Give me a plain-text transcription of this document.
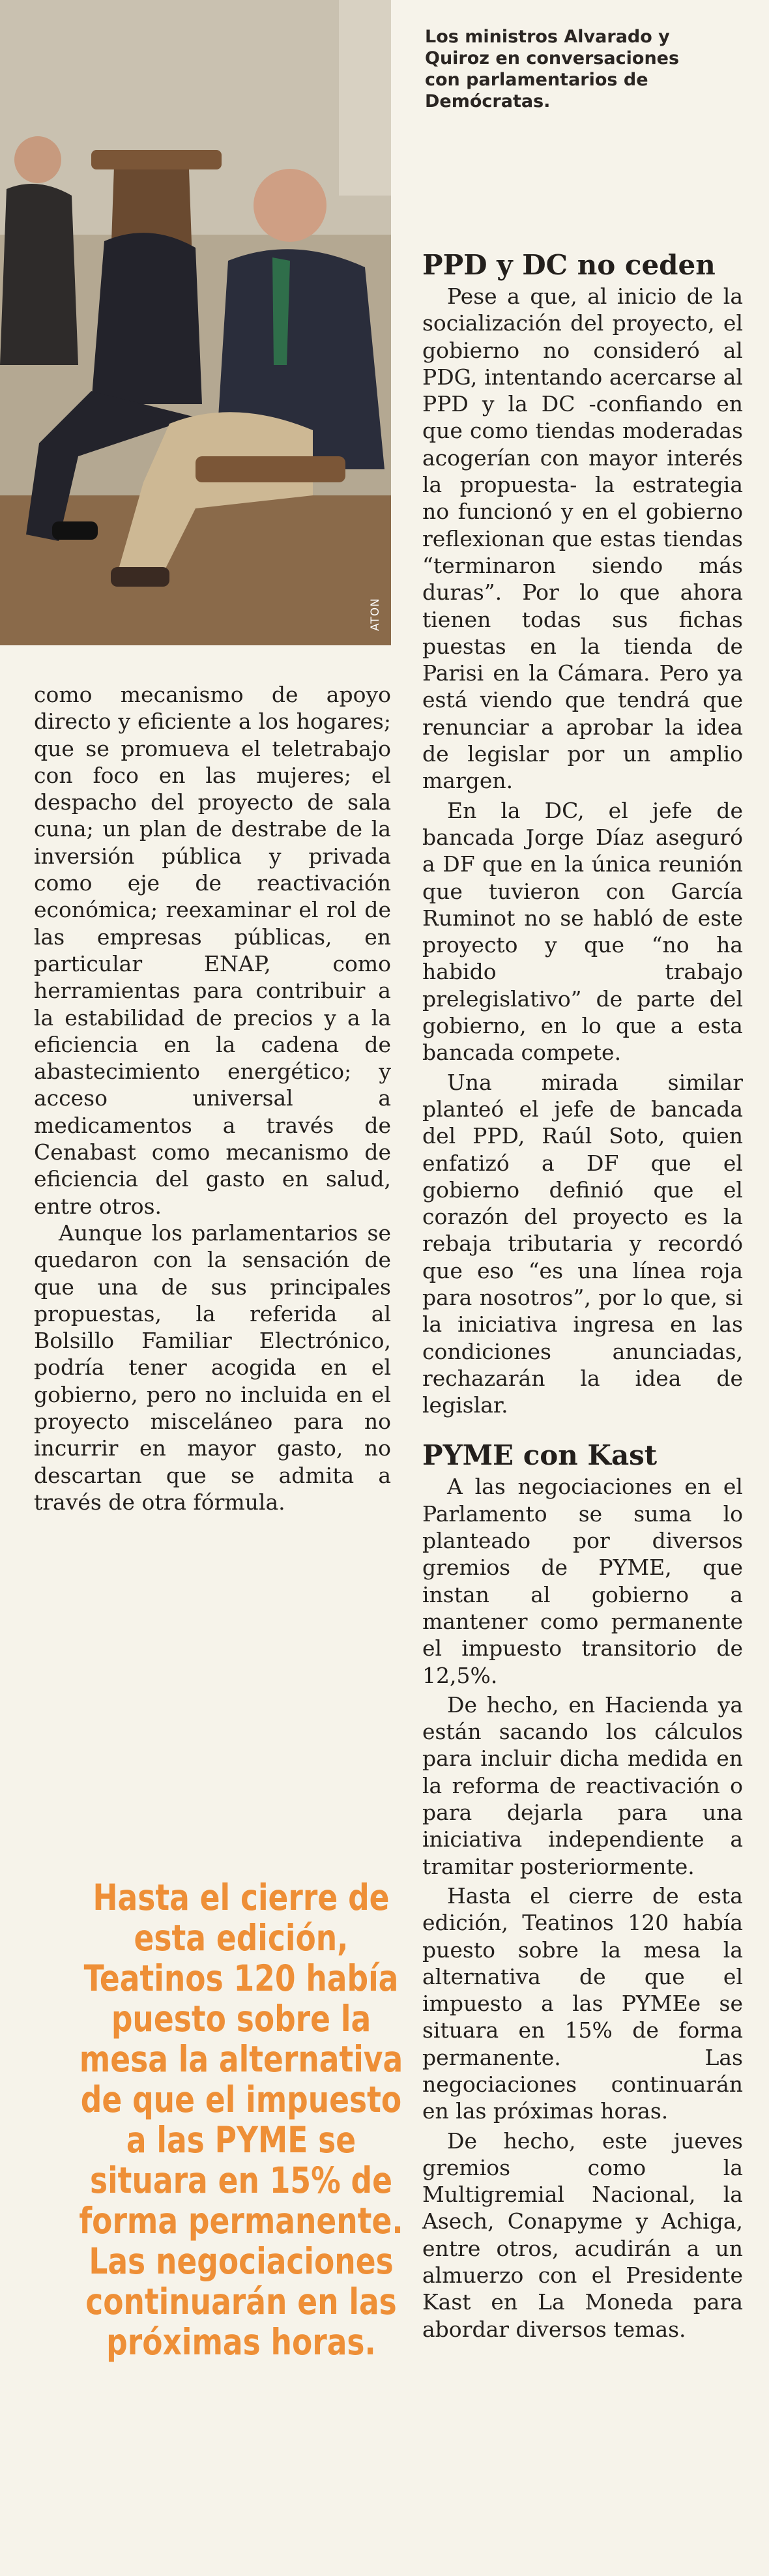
ATON
Los ministros Alvarado y Quiroz en conversaciones con parlamentarios de Demócratas.

como mecanismo de apoyo directo y eficiente a los hogares; que se promueva el teletrabajo con foco en las mujeres; el despacho del proyecto de sala cuna; un plan de destrabe de la inversión pública y privada como eje de reactivación económica; reexaminar el rol de las empresas públicas, en particular ENAP, como herramientas para contribuir a la estabilidad de precios y a la eficiencia en la cadena de abastecimiento energético; y acceso universal a medicamentos a través de Cenabast como mecanismo de eficiencia del gasto en salud, entre otros.

Aunque los parlamentarios se quedaron con la sensación de que una de sus principales propuestas, la referida al Bolsillo Familiar Electrónico, podría tener acogida en el gobierno, pero no incluida en el proyecto misceláneo para no incurrir en mayor gasto, no descartan que se admita a través de otra fórmula.

Hasta el cierre de esta edición, Teatinos 120 había puesto sobre la mesa la alternativa de que el impuesto a las PYME se situara en 15% de forma permanente. Las negociaciones continuarán en las próximas horas.
PPD y DC no ceden

Pese a que, al inicio de la socialización del proyecto, el gobierno no consideró al PDG, intentando acercarse al PPD y la DC -confiando en que como tiendas moderadas acogerían con mayor interés la propuesta- la estrategia no funcionó y en el gobierno reflexionan que estas tiendas “terminaron siendo más duras”. Por lo que ahora tienen todas sus fichas puestas en la tienda de Parisi en la Cámara. Pero ya está viendo que tendrá que renunciar a aprobar la idea de legislar por un amplio margen.

En la DC, el jefe de bancada Jorge Díaz aseguró a DF que en la única reunión que tuvieron con García Ruminot no se habló de este proyecto y que “no ha habido trabajo prelegislativo” de parte del gobierno, en lo que a esta bancada compete.

Una mirada similar planteó el jefe de bancada del PPD, Raúl Soto, quien enfatizó a DF que el gobierno definió que el corazón del proyecto es la rebaja tributaria y recordó que eso “es una línea roja para nosotros”, por lo que, si la iniciativa ingresa en las condiciones anunciadas, rechazarán la idea de legislar.

PYME con Kast

A las negociaciones en el Parlamento se suma lo planteado por diversos gremios de PYME, que instan al gobierno a mantener como permanente el impuesto transitorio de 12,5%.

De hecho, en Hacienda ya están sacando los cálculos para incluir dicha medida en la reforma de reactivación o para dejarla para una iniciativa independiente a tramitar posteriormente.

Hasta el cierre de esta edición, Teatinos 120 había puesto sobre la mesa la alternativa de que el impuesto a las PYMEe se situara en 15% de forma permanente. Las negociaciones continuarán en las próximas horas.

De hecho, este jueves gremios como la Multigremial Nacional, la Asech, Conapyme y Achiga, entre otros, acudirán a un almuerzo con el Presidente Kast en La Moneda para abordar diversos temas.
